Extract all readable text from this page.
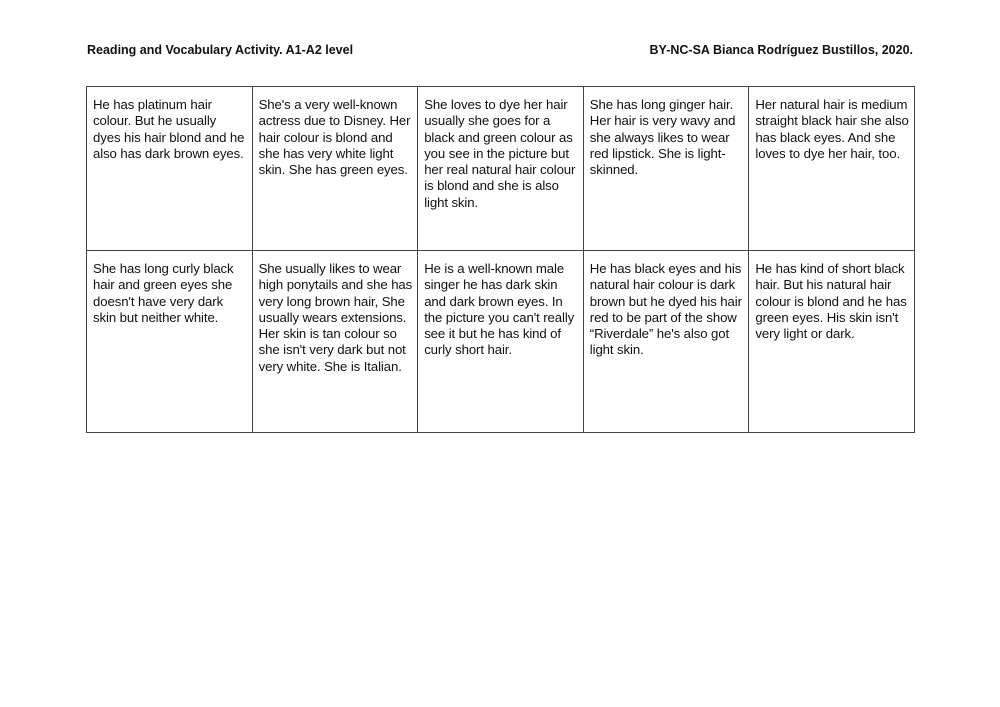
Reading and Vocabulary Activity. A1-A2 level	BY-NC-SA Bianca Rodríguez Bustillos, 2020.
He has platinum hair colour. But he usually dyes his hair blond and he also has dark brown eyes.	She's a very well-known actress due to Disney. Her hair colour is blond and she has very white light skin. She has green eyes.	She loves to dye her hair usually she goes for a black and green colour as you see in the picture but her real natural hair colour is blond and she is also light skin.	She has long ginger hair. Her hair is very wavy and she always likes to wear red lipstick. She is light-skinned.	Her natural hair is medium straight black hair she also has black eyes. And she loves to dye her hair, too.
She has long curly black hair and green eyes she doesn't have very dark skin but neither white.	She usually likes to wear high ponytails and she has very long brown hair, She usually wears extensions. Her skin is tan colour so she isn't very dark but not very white. She is Italian.	He is a well-known male singer he has dark skin and dark brown eyes. In the picture you can't really see it but he has kind of curly short hair.	He has black eyes and his natural hair colour is dark brown but he dyed his hair red to be part of the show “Riverdale” he's also got light skin.	He has kind of short black hair. But his natural hair colour is blond and he has green eyes. His skin isn't very light or dark.
